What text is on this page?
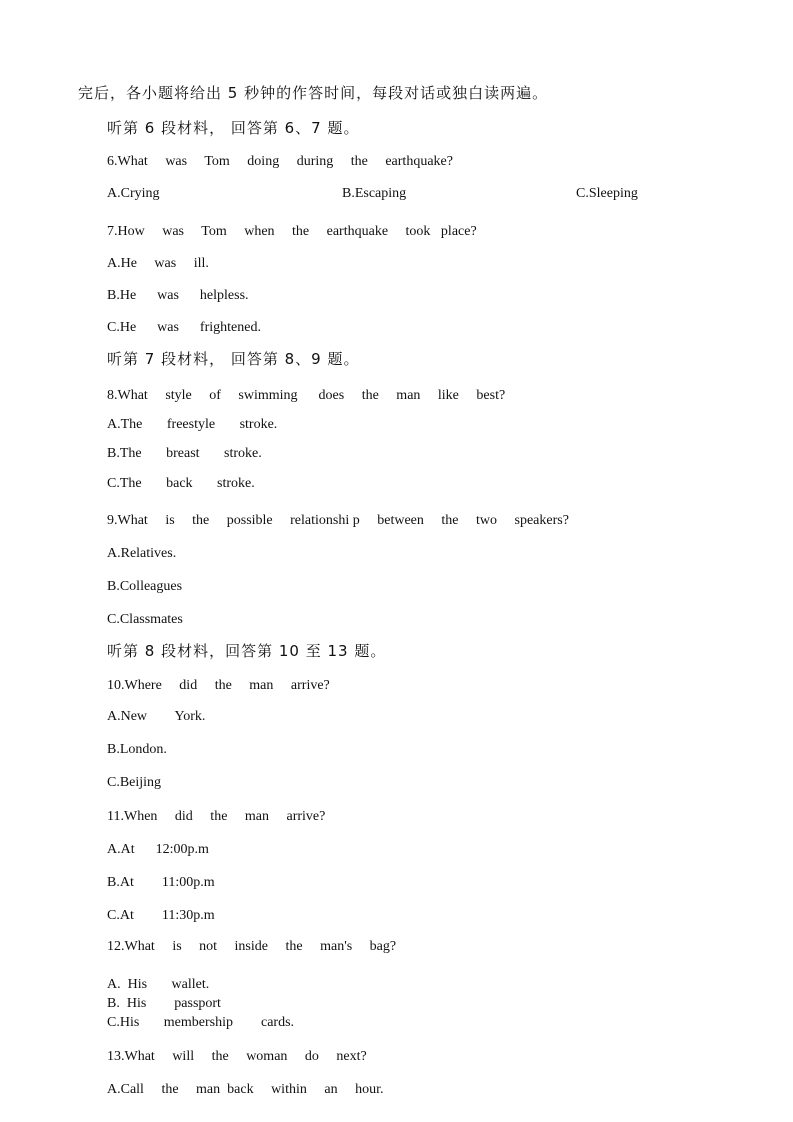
完后，各小题将给出 5 秒钟的作答时间，每段对话或独白读两遍。
听第 6 段材料， 回答第 6、7 题。
6.What     was     Tom     doing     during     the     earthquake?
A.Crying	B.Escaping	C.Sleeping
7.How     was     Tom     when     the     earthquake     took   place?
A.He     was     ill.
B.He      was      helpless.
C.He      was      frightened.
听第 7 段材料， 回答第 8、9 题。
8.What     style     of     swimming      does     the     man     like     best?
A.The       freestyle       stroke.
B.The       breast       stroke.
C.The       back       stroke.
9.What     is     the     possible     relationshi p     between     the     two     speakers?
A.Relatives.
B.Colleagues
C.Classmates
听第 8 段材料，回答第 10 至 13 题。
10.Where     did     the     man     arrive?
A.New        York.
B.London.
C.Beijing
11.When     did     the     man     arrive?
A.At      12:00p.m
B.At        11:00p.m
C.At        11:30p.m
12.What     is     not     inside     the     man's     bag?
A.  His       wallet.
B.  His        passport
C.His       membership        cards.
13.What     will     the     woman     do     next?
A.Call     the     man  back     within     an     hour.
